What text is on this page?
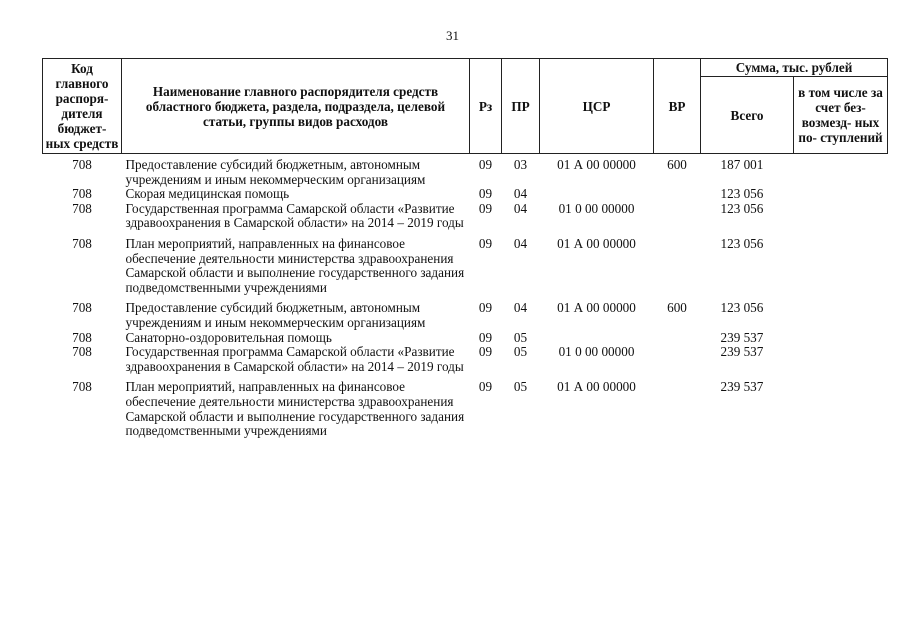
31
Код главного распоря- дителя бюджет- ных средств	Наименование главного распорядителя средств областного бюджета, раздела, подраздела, целевой статьи, группы видов расходов	Рз	ПР	ЦСР	ВР	Сумма, тыс. рублей	
						Всего	в том числе за счет без- возмезд- ных по- ступлений
708	Предоставление субсидий бюджетным, автономным учреждениям и иным некоммерческим организациям	09	03	01 А 00 00000	600	187 001	
708	Скорая медицинская помощь	09	04			123 056	
708	Государственная программа Самарской области «Развитие здравоохранения в Самарской области» на 2014 – 2019 годы	09	04	01 0 00 00000		123 056	
708	План мероприятий, направленных на финансовое обеспечение деятельности министерства здравоохранения Самарской области и выполнение государственного задания подведомственными учреждениями	09	04	01 А 00 00000		123 056	
708	Предоставление субсидий бюджетным, автономным учреждениям и иным некоммерческим организациям	09	04	01 А 00 00000	600	123 056	
708	Санаторно-оздоровительная помощь	09	05			239 537	
708	Государственная программа Самарской области «Развитие здравоохранения в Самарской области» на 2014 – 2019 годы	09	05	01 0 00 00000		239 537	
708	План мероприятий, направленных на финансовое обеспечение деятельности министерства здравоохранения Самарской области и выполнение государственного задания подведомственными учреждениями	09	05	01 А 00 00000		239 537	
